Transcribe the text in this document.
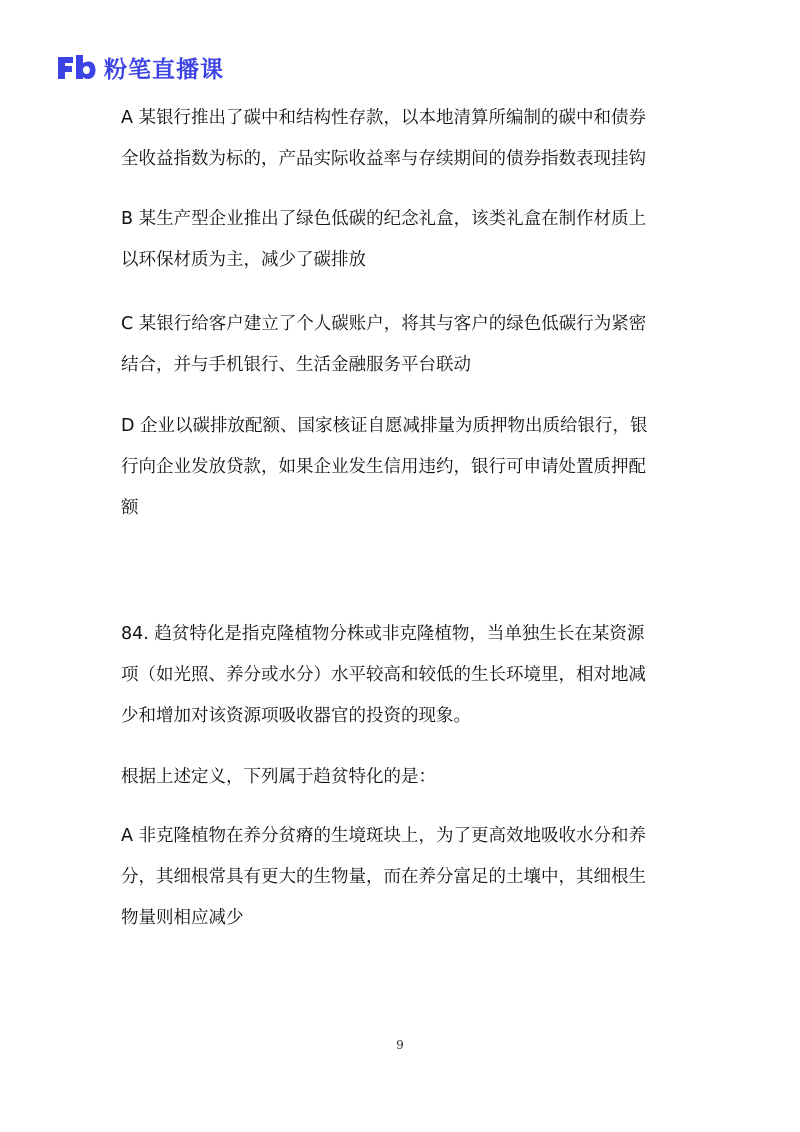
粉笔直播课

A 某银行推出了碳中和结构性存款，以本地清算所编制的碳中和债券
全收益指数为标的，产品实际收益率与存续期间的债券指数表现挂钩

B 某生产型企业推出了绿色低碳的纪念礼盒，该类礼盒在制作材质上
以环保材质为主，减少了碳排放

C 某银行给客户建立了个人碳账户，将其与客户的绿色低碳行为紧密
结合，并与手机银行、生活金融服务平台联动

D 企业以碳排放配额、国家核证自愿减排量为质押物出质给银行，银
行向企业发放贷款，如果企业发生信用违约，银行可申请处置质押配
额

84. 趋贫特化是指克隆植物分株或非克隆植物，当单独生长在某资源
项（如光照、养分或水分）水平较高和较低的生长环境里，相对地减
少和增加对该资源项吸收器官的投资的现象。

根据上述定义，下列属于趋贫特化的是：

A 非克隆植物在养分贫瘠的生境斑块上，为了更高效地吸收水分和养
分，其细根常具有更大的生物量，而在养分富足的土壤中，其细根生
物量则相应减少

9
